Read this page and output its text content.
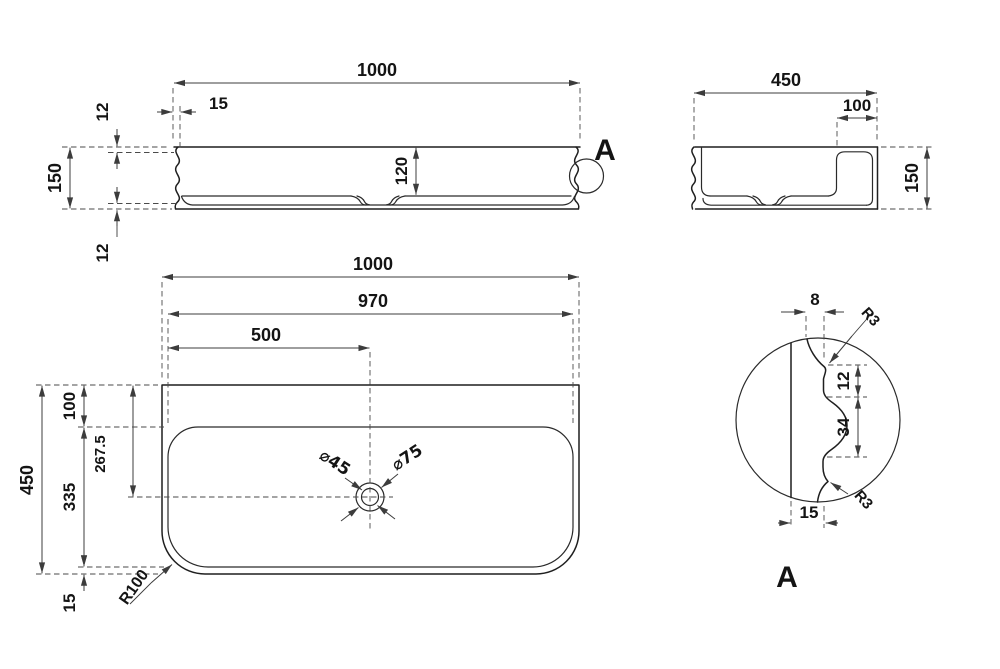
1000
15
12
150
12
120
A
450
100
150
1000
970
500
450
100
335
15
267.5
R100
⌀45 ⌀75
8
R3
12
34
R3
15
A
